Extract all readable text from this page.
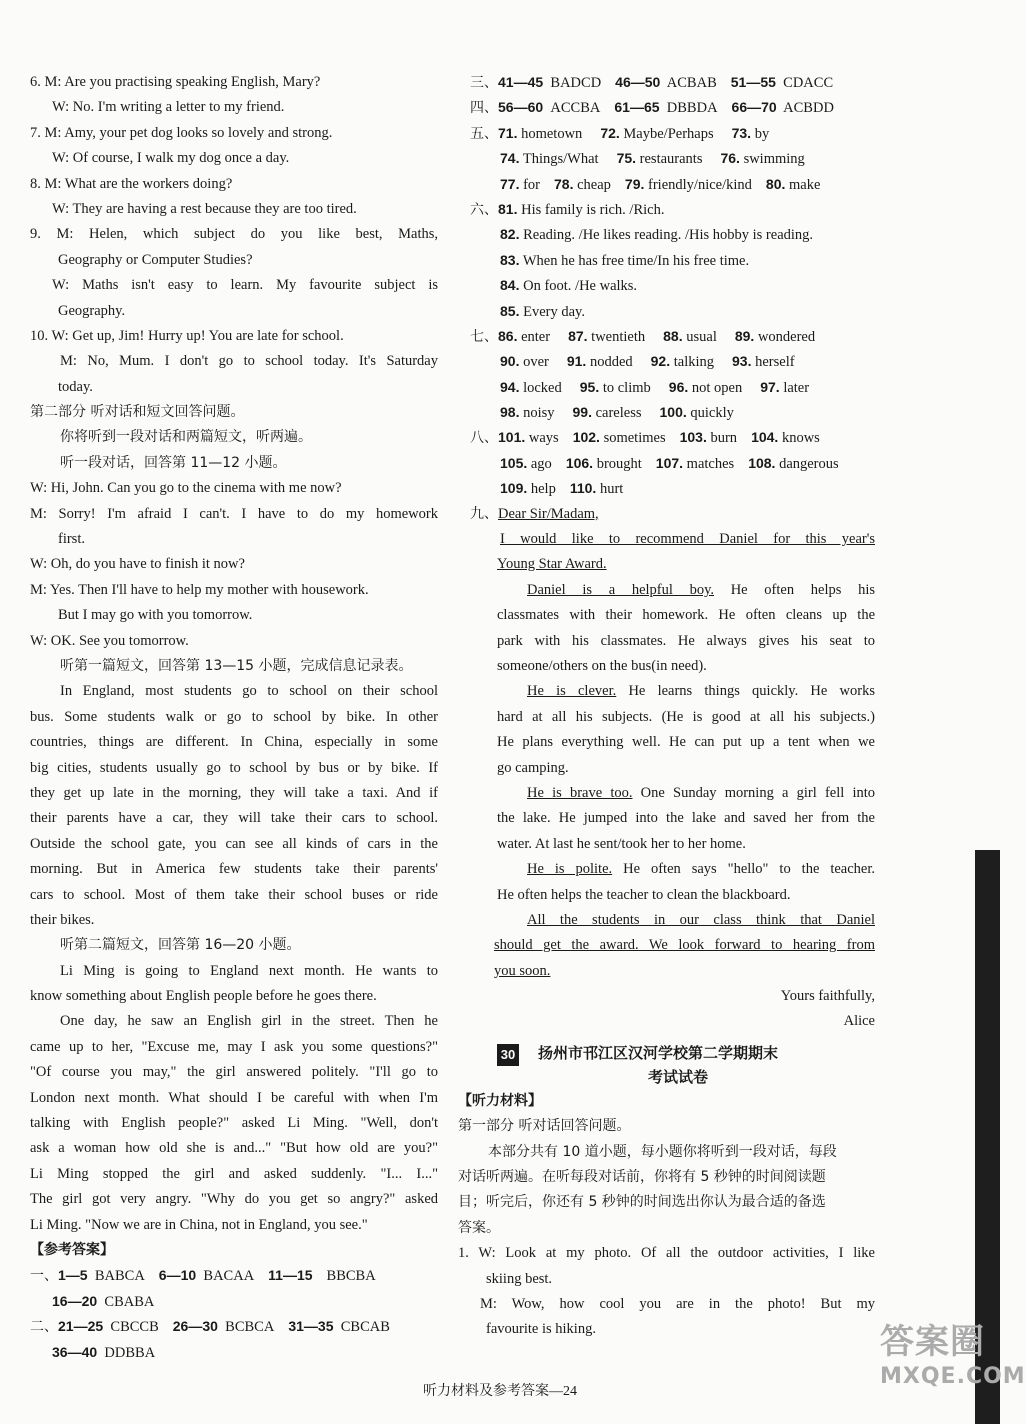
6. M: Are you practising speaking English, Mary?
W: No. I'm writing a letter to my friend.
7. M: Amy, your pet dog looks so lovely and strong.
W: Of course, I walk my dog once a day.
8. M: What are the workers doing?
W: They are having a rest because they are too tired.
9. M: Helen, which subject do you like best, Maths,
Geography or Computer Studies?
W: Maths isn't easy to learn. My favourite subject is
Geography.
10. W: Get up, Jim! Hurry up! You are late for school.
M: No, Mum. I don't go to school today. It's Saturday
today.
第二部分 听对话和短文回答问题。
你将听到一段对话和两篇短文，听两遍。
听一段对话，回答第 11—12 小题。
W: Hi, John. Can you go to the cinema with me now?
M: Sorry! I'm afraid I can't. I have to do my homework
first.
W: Oh, do you have to finish it now?
M: Yes. Then I'll have to help my mother with housework.
But I may go with you tomorrow.
W: OK. See you tomorrow.
听第一篇短文，回答第 13—15 小题，完成信息记录表。
In England, most students go to school on their school
bus. Some students walk or go to school by bike. In other
countries, things are different. In China, especially in some
big cities, students usually go to school by bus or by bike. If
they get up late in the morning, they will take a taxi. And if
their parents have a car, they will take their cars to school.
Outside the school gate, you can see all kinds of cars in the
morning. But in America few students take their parents'
cars to school. Most of them take their school buses or ride
their bikes.
听第二篇短文，回答第 16—20 小题。
Li Ming is going to England next month. He wants to
know something about English people before he goes there.
One day, he saw an English girl in the street. Then he
came up to her, "Excuse me, may I ask you some questions?"
"Of course you may," the girl answered politely. "I'll go to
London next month. What should I be careful with when I'm
talking with English people?" asked Li Ming. "Well, don't
ask a woman how old she is and..." "But how old are you?"
Li Ming stopped the girl and asked suddenly. "I... I..."
The girl got very angry. "Why do you get so angry?" asked
Li Ming. "Now we are in China, not in England, you see."
【参考答案】
一、1—5 BABCA 6—10 BACAA 11—15 BBCBA
16—20 CBABA
二、21—25 CBCCB 26—30 BCBCA 31—35 CBCAB
36—40 DDBBA
三、41—45 BADCD 46—50 ACBAB 51—55 CDACC
四、56—60 ACCBA 61—65 DBBDA 66—70 ACBDD
五、71. hometown 72. Maybe/Perhaps 73. by
74. Things/What 75. restaurants 76. swimming
77. for 78. cheap 79. friendly/nice/kind 80. make
六、81. His family is rich. /Rich.
82. Reading. /He likes reading. /His hobby is reading.
83. When he has free time/In his free time.
84. On foot. /He walks.
85. Every day.
七、86. enter 87. twentieth 88. usual 89. wondered
90. over 91. nodded 92. talking 93. herself
94. locked 95. to climb 96. not open 97. later
98. noisy 99. careless 100. quickly
八、101. ways 102. sometimes 103. burn 104. knows
105. ago 106. brought 107. matches 108. dangerous
109. help 110. hurt
九、Dear Sir/Madam,
I would like to recommend Daniel for this year's
Young Star Award.
Daniel is a helpful boy. He often helps his
classmates with their homework. He often cleans up the
park with his classmates. He always gives his seat to
someone/others on the bus(in need).
He is clever. He learns things quickly. He works
hard at all his subjects. (He is good at all his subjects.)
He plans everything well. He can put up a tent when we
go camping.
He is brave too. One Sunday morning a girl fell into
the lake. He jumped into the lake and saved her from the
water. At last he sent/took her to her home.
He is polite. He often says "hello" to the teacher.
He often helps the teacher to clean the blackboard.
All the students in our class think that Daniel
should get the award. We look forward to hearing from
you soon.
Yours faithfully,
Alice
30 扬州市邗江区汉河学校第二学期期末
考试试卷
【听力材料】
第一部分 听对话回答问题。
本部分共有 10 道小题，每小题你将听到一段对话，每段
对话听两遍。在听每段对话前，你将有 5 秒钟的时间阅读题
目；听完后，你还有 5 秒钟的时间选出你认为最合适的备选
答案。
1. W: Look at my photo. Of all the outdoor activities, I like
skiing best.
M: Wow, how cool you are in the photo! But my
favourite is hiking.
听力材料及参考答案—24
答案圈
MXQE.COM
